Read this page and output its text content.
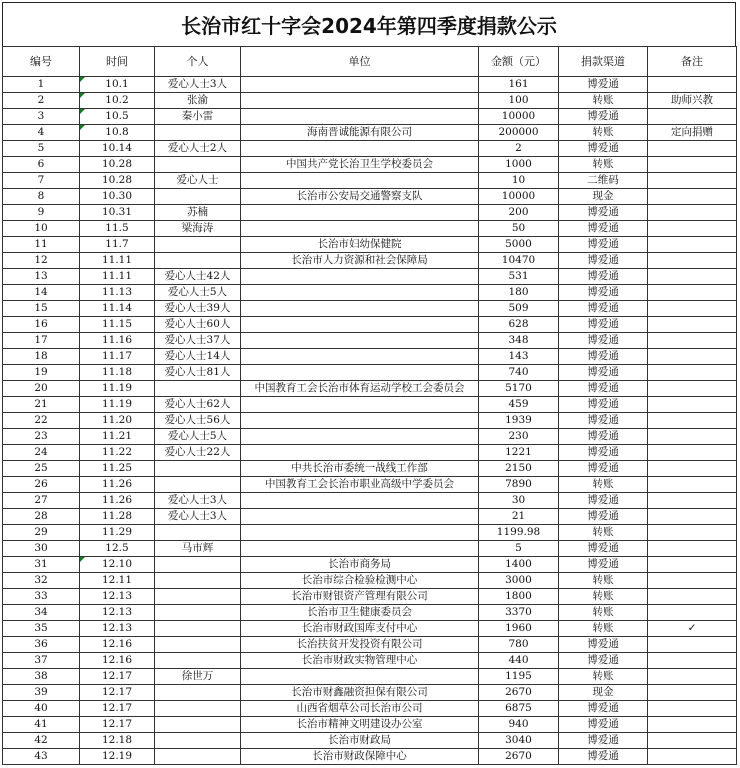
长治市红十字会2024年第四季度捐款公示
编号	时间	个人	单位	金额（元）	捐款渠道	备注
1	10.1	爱心人士3人		161	博爱通	
2	10.2	张渝		100	转账	助师兴教
3	10.5	秦小雷		10000	博爱通	
4	10.8		海南晋诚能源有限公司	200000	转账	定向捐赠
5	10.14	爱心人士2人		2	博爱通	
6	10.28		中国共产党长治卫生学校委员会	1000	转账	
7	10.28	爱心人士		10	二维码	
8	10.30		长治市公安局交通警察支队	10000	现金	
9	10.31	苏楠		200	博爱通	
10	11.5	梁海涛		50	博爱通	
11	11.7		长治市妇幼保健院	5000	博爱通	
12	11.11		长治市人力资源和社会保障局	10470	博爱通	
13	11.11	爱心人士42人		531	博爱通	
14	11.13	爱心人士5人		180	博爱通	
15	11.14	爱心人士39人		509	博爱通	
16	11.15	爱心人士60人		628	博爱通	
17	11.16	爱心人士37人		348	博爱通	
18	11.17	爱心人士14人		143	博爱通	
19	11.18	爱心人士81人		740	博爱通	
20	11.19		中国教育工会长治市体育运动学校工会委员会	5170	博爱通	
21	11.19	爱心人士62人		459	博爱通	
22	11.20	爱心人士56人		1939	博爱通	
23	11.21	爱心人士5人		230	博爱通	
24	11.22	爱心人士22人		1221	博爱通	
25	11.25		中共长治市委统一战线工作部	2150	博爱通	
26	11.26		中国教育工会长治市职业高级中学委员会	7890	转账	
27	11.26	爱心人士3人		30	博爱通	
28	11.28	爱心人士3人		21	博爱通	
29	11.29			1199.98	转账	
30	12.5	马市辉		5	博爱通	
31	12.10		长治市商务局	1400	博爱通	
32	12.11		长治市综合检验检测中心	3000	转账	
33	12.13		长治市财银资产管理有限公司	1800	转账	
34	12.13		长治市卫生健康委员会	3370	转账	
35	12.13		长治市财政国库支付中心	1960	转账	✓
36	12.16		长治扶贫开发投资有限公司	780	博爱通	
37	12.16		长治市财政实物管理中心	440	博爱通	
38	12.17	徐世万		1195	转账	
39	12.17		长治市财鑫融资担保有限公司	2670	现金	
40	12.17		山西省烟草公司长治市公司	6875	博爱通	
41	12.17		长治市精神文明建设办公室	940	博爱通	
42	12.18		长治市财政局	3040	博爱通	
43	12.19		长治市财政保障中心	2670	博爱通	
